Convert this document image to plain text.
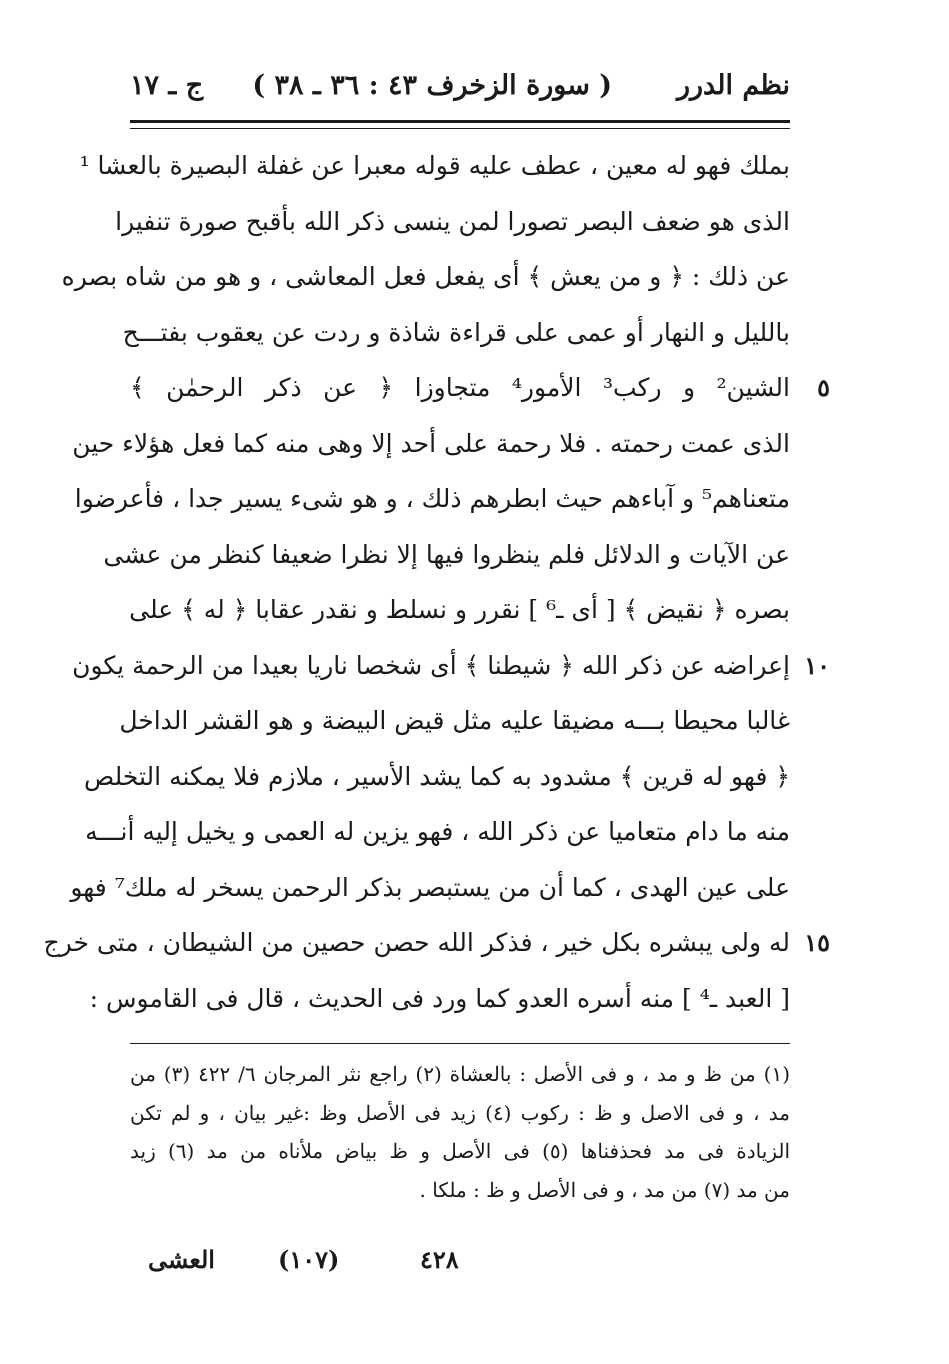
نظم الدرر
( سورة الزخرف ٤٣ : ٣٦ ـ ٣٨ )
ج ـ ١٧
بملك فهو له معين ، عطف عليه قوله معبرا عن غفلة البصيرة بالعشا ¹
الذى هو ضعف البصر تصورا لمن ينسى ذكر الله بأقبح صورة تنفيرا
عن ذلك : ﴿ و من يعش ﴾ أى يفعل فعل المعاشى ، و هو من شاه بصره
بالليل و النهار أو عمى على قراءة شاذة و ردت عن يعقوب بفتـــح
٥
الشين² و ركب³ الأمور⁴ متجاوزا ﴿ عن ذكر الرحمٰن ﴾
الذى عمت رحمته . فلا رحمة على أحد إلا وهى منه كما فعل هؤلاء حين
متعناهم⁵ و آباءهم حيث ابطرهم ذلك ، و هو شىء يسير جدا ، فأعرضوا
عن الآيات و الدلائل فلم ينظروا فيها إلا نظرا ضعيفا كنظر من عشى
بصره ﴿ نقيض ﴾ [ أى ـ⁶ ] نقرر و نسلط و نقدر عقابا ﴿ له ﴾ على
١٠
إعراضه عن ذكر الله ﴿ شيطنا ﴾ أى شخصا ناريا بعيدا من الرحمة يكون
غالبا محيطا بـــه مضيقا عليه مثل قيض البيضة و هو القشر الداخل
﴿ فهو له قرين ﴾ مشدود به كما يشد الأسير ، ملازم فلا يمكنه التخلص
منه ما دام متعاميا عن ذكر الله ، فهو يزين له العمى و يخيل إليه أنـــه
على عين الهدى ، كما أن من يستبصر بذكر الرحمن يسخر له ملك⁷ فهو
١٥
له ولى يبشره بكل خير ، فذكر الله حصن حصين من الشيطان ، متى خرج
[ العبد ـ⁴ ] منه أسره العدو كما ورد فى الحديث ، قال فى القاموس :
(١) من ظ و مد ، و فى الأصل : بالعشاة (٢) راجع نثر المرجان ٦/ ٤٢٢ (٣) من
مد ، و فى الاصل و ظ : ركوب (٤) زيد فى الأصل وظ :غير بيان ، و لم تكن
الزيادة فى مد فحذفناها (٥) فى الأصل و ظ بياض ملأناه من مد (٦) زيد
من مد (٧) من مد ، و فى الأصل و ظ : ملكا .
٤٢٨
(١٠٧)
العشى
